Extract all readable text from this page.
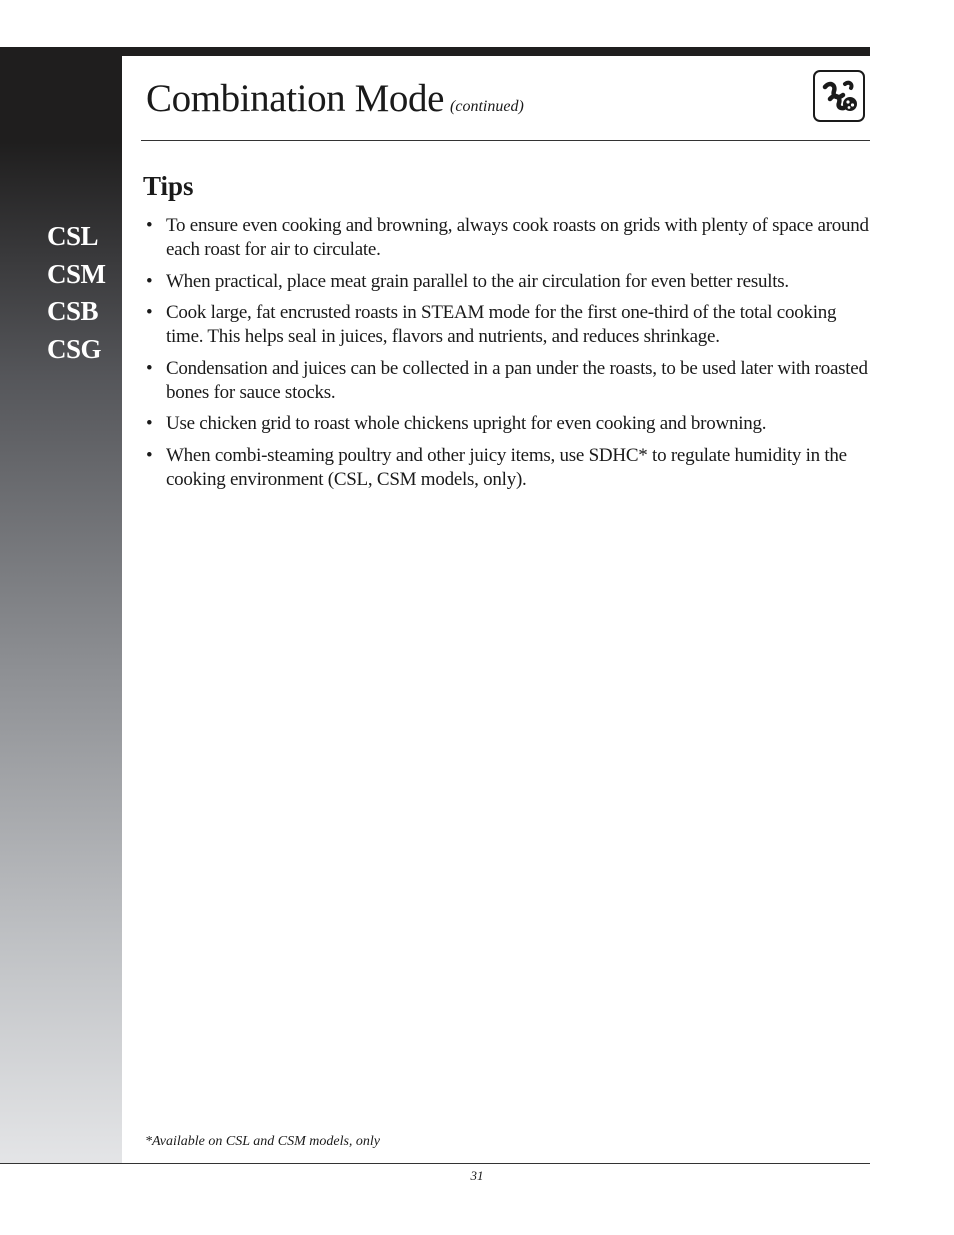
CSL
CSM
CSB
CSG
Combination Mode (continued)
Tips
• To ensure even cooking and browning, always cook roasts on grids with plenty of space around each roast for air to circulate.
• When practical, place meat grain parallel to the air circulation for even better results.
• Cook large, fat encrusted roasts in STEAM mode for the first one-third of the total cooking time. This helps seal in juices, flavors and nutrients, and reduces shrinkage.
• Condensation and juices can be collected in a pan under the roasts, to be used later with roasted bones for sauce stocks.
• Use chicken grid to roast whole chickens upright for even cooking and browning.
• When combi-steaming poultry and other juicy items, use SDHC* to regulate humidity in the cooking environment (CSL, CSM models, only).

*Available on CSL and CSM models, only

31
